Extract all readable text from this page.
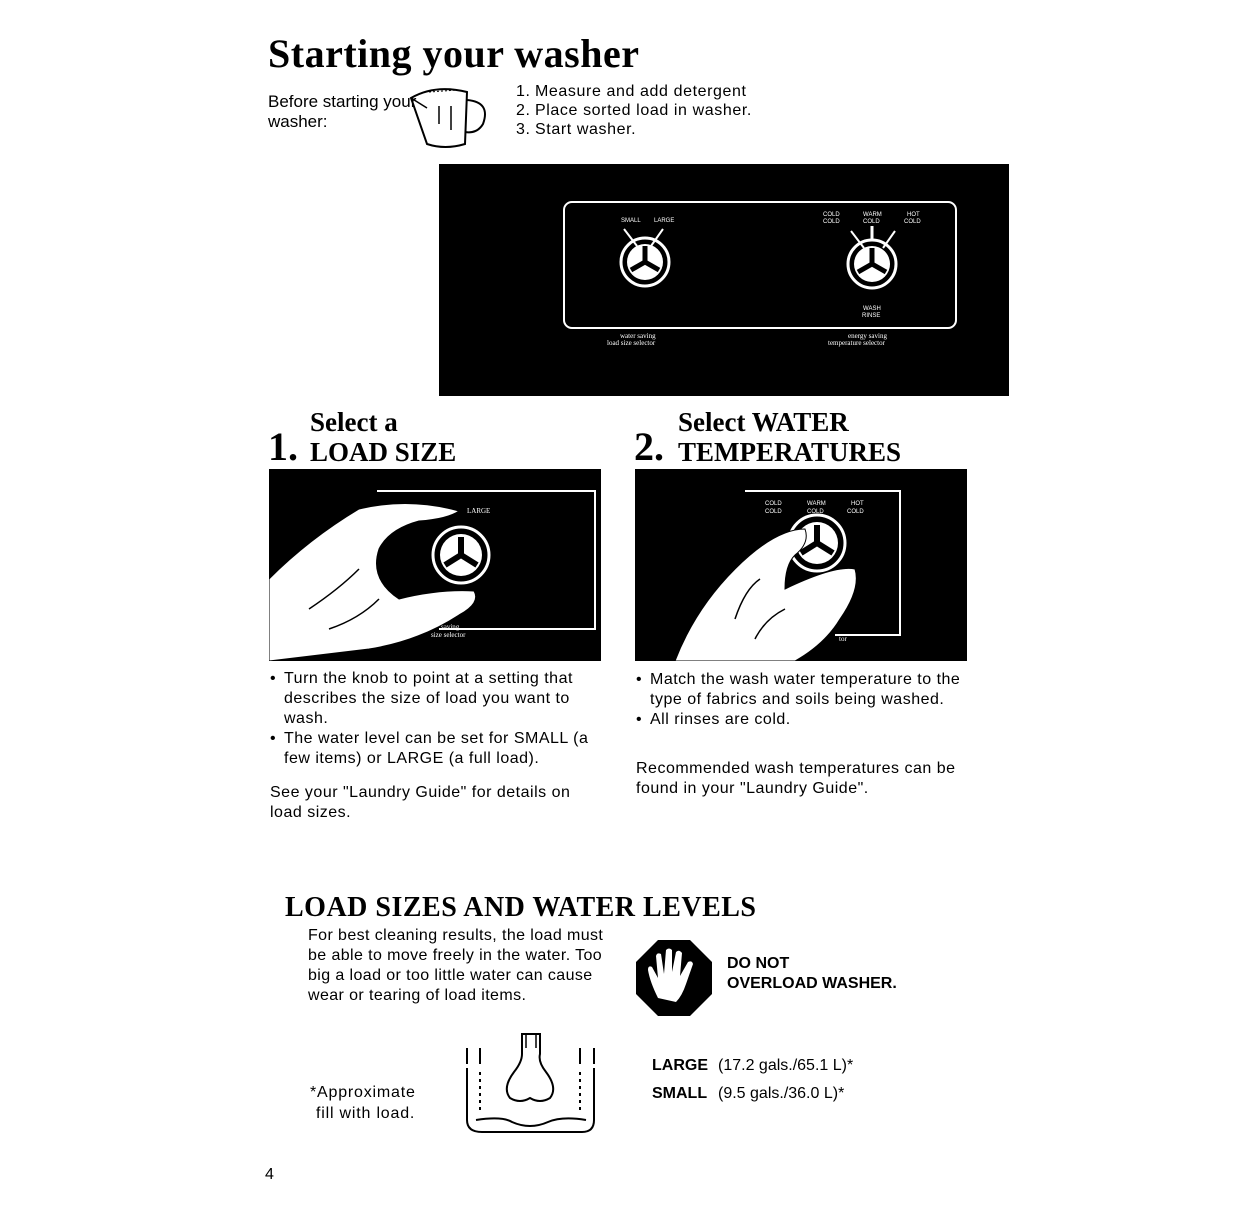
Starting your washer
Before starting your washer:
1. Measure and add detergent
2. Place sorted load in washer.
3. Start washer.
SMALL LARGE
COLD
COLD
WARM
COLD
HOT
COLD
WASH
RINSE
water saving
load size selector
energy saving
temperature selector
1.
Select a
LOAD SIZE	2.
Select WATER
TEMPERATURES
LARGE
saving
size selector
COLD
COLD
WARM
COLD
HOT
COLD
tor
• Turn the knob to point at a setting that describes the size of load you want to wash.
• The water level can be set for SMALL (a few items) or LARGE (a full load).
See your "Laundry Guide" for details on load sizes.
• Match the wash water temperature to the type of fabrics and soils being washed.
• All rinses are cold.
Recommended wash temperatures can be found in your "Laundry Guide".
LOAD SIZES AND WATER LEVELS
For best cleaning results, the load must be able to move freely in the water. Too big a load or too little water can cause wear or tearing of load items.
DO NOT
OVERLOAD WASHER.
*Approximate
fill with load.
LARGE (17.2 gals./65.1 L)*
SMALL (9.5 gals./36.0 L)*
4
